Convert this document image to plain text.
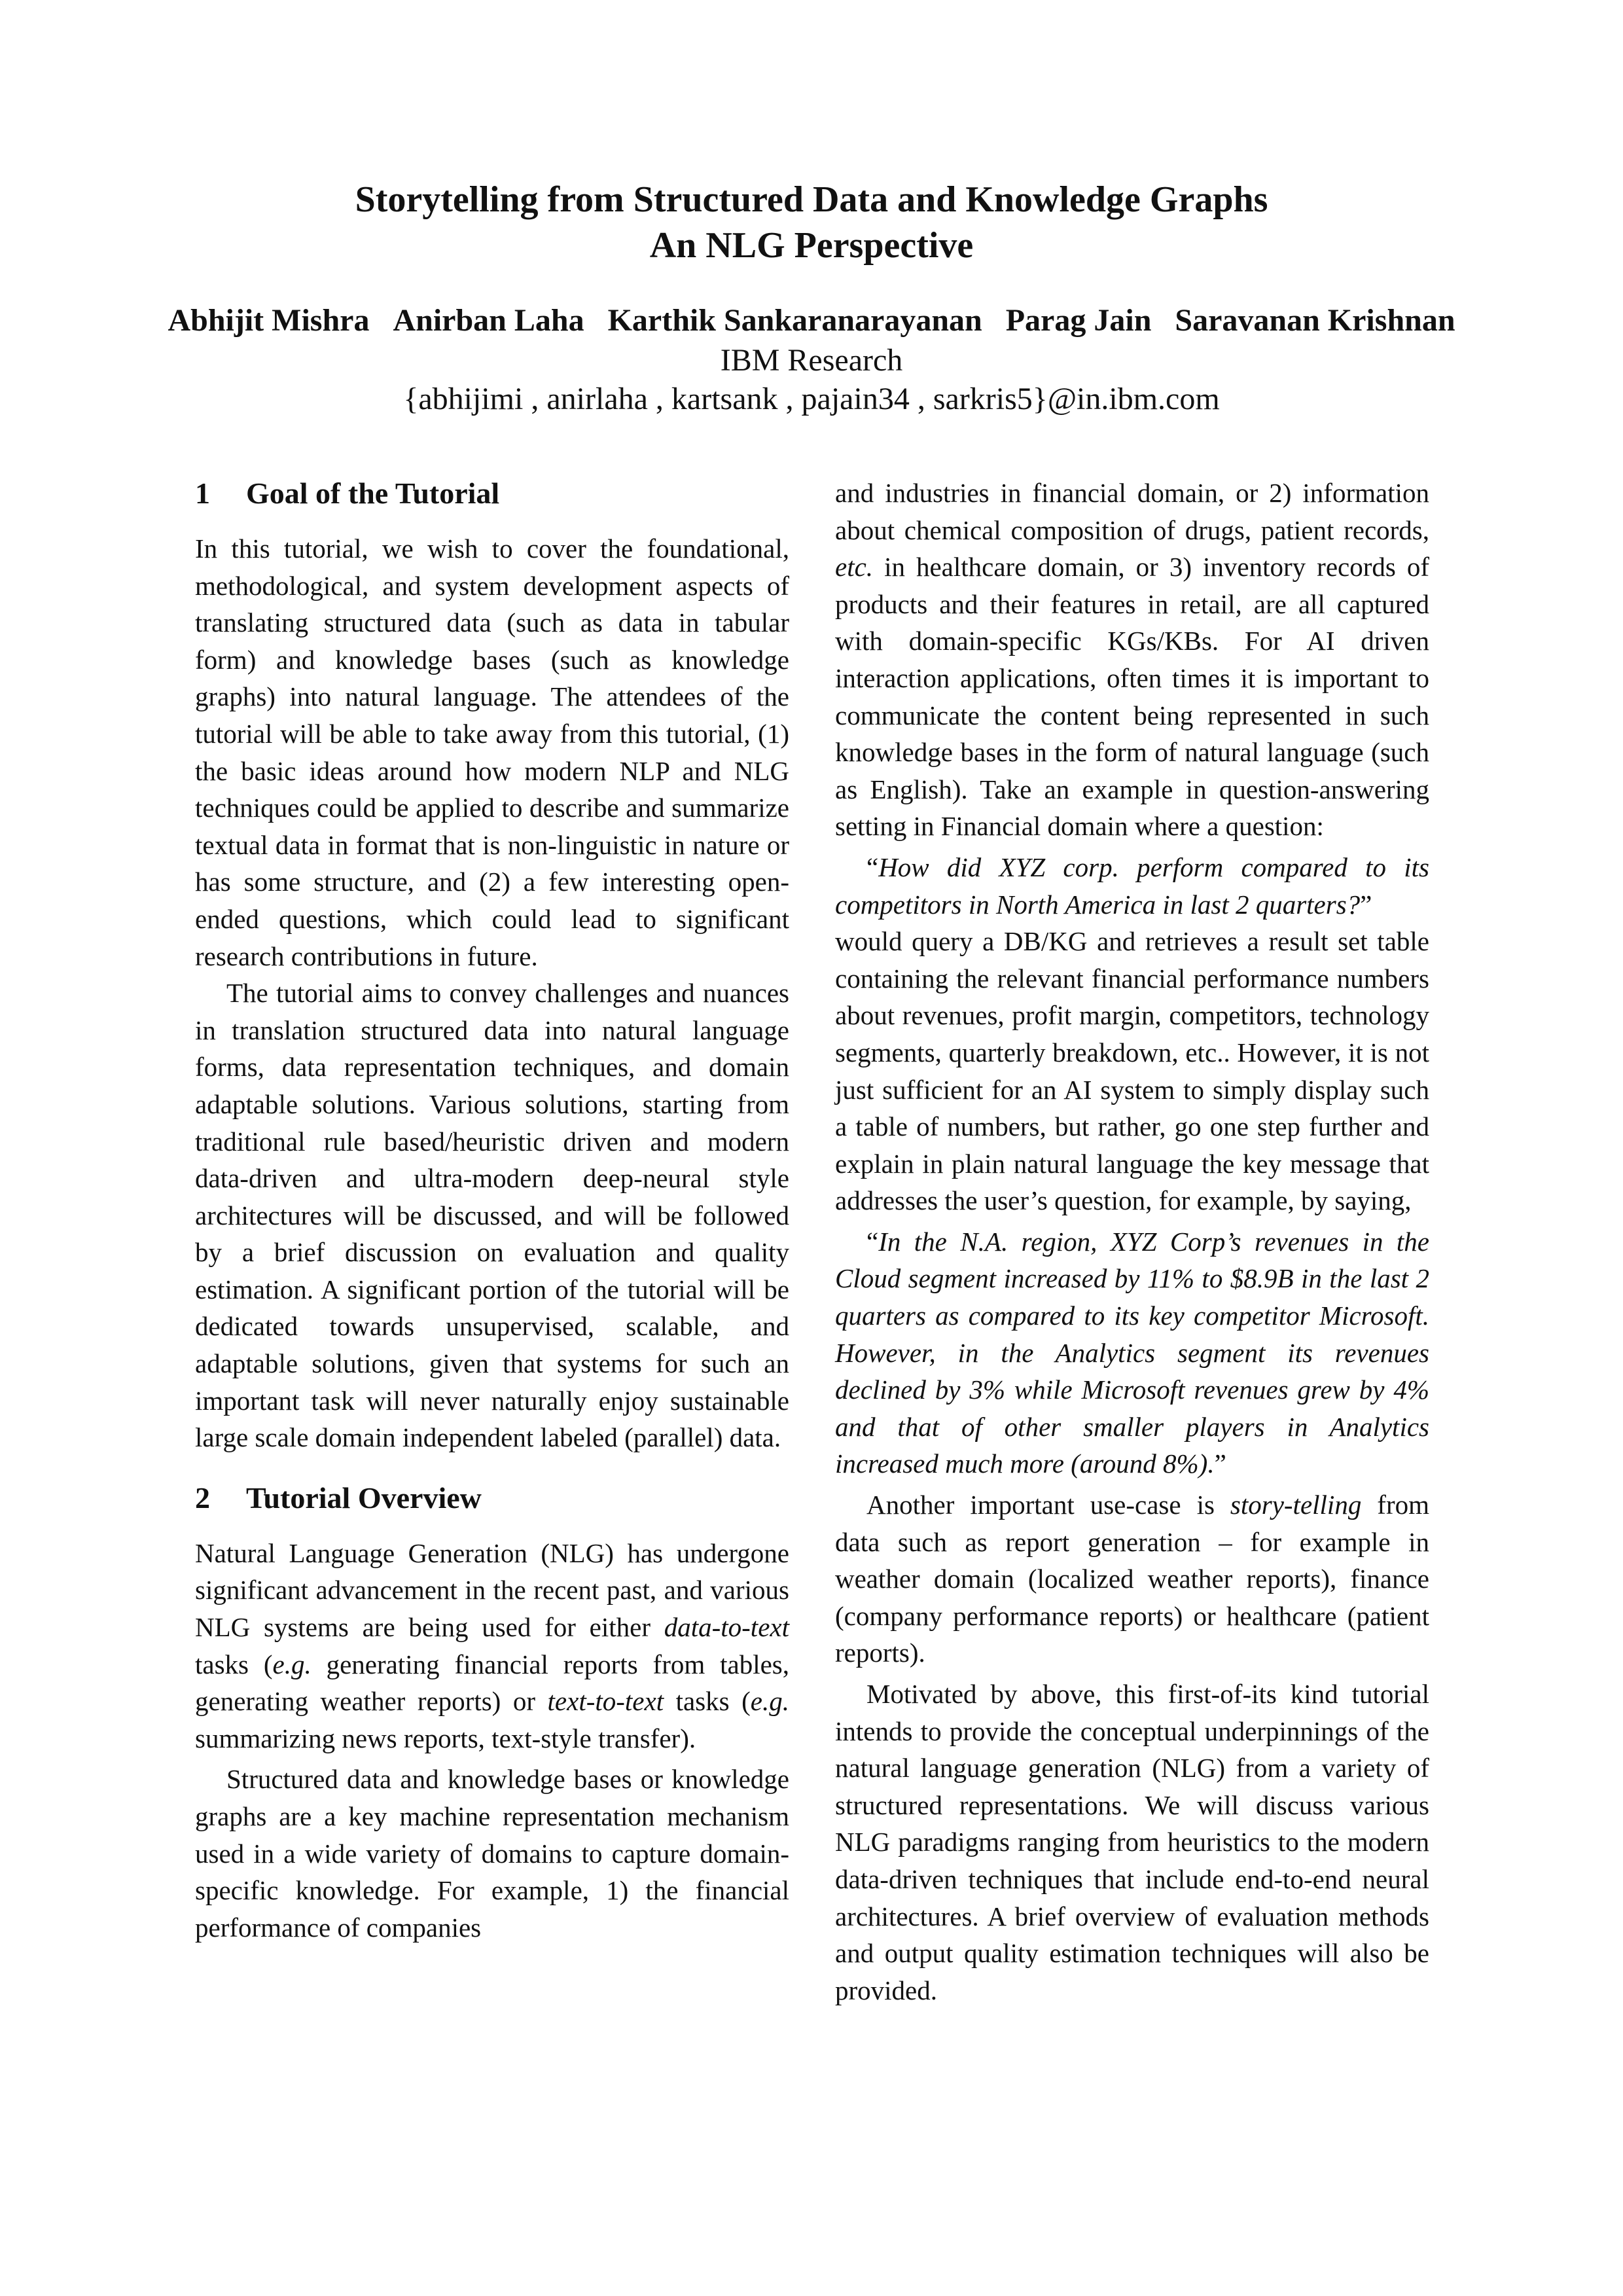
Storytelling from Structured Data and Knowledge Graphs
An NLG Perspective
Abhijit Mishra Anirban Laha Karthik Sankaranarayanan Parag Jain Saravanan Krishnan
IBM Research
{abhijimi , anirlaha , kartsank , pajain34 , sarkris5}@in.ibm.com
1 Goal of the Tutorial

In this tutorial, we wish to cover the foundational, methodological, and system development aspects of translating structured data (such as data in tabular form) and knowledge bases (such as knowledge graphs) into natural language. The attendees of the tutorial will be able to take away from this tutorial, (1) the basic ideas around how modern NLP and NLG techniques could be applied to describe and summarize textual data in format that is non-linguistic in nature or has some structure, and (2) a few interesting open-ended questions, which could lead to significant research contributions in future.

The tutorial aims to convey challenges and nuances in translation structured data into natural language forms, data representation techniques, and domain adaptable solutions. Various solutions, starting from traditional rule based/heuristic driven and modern data-driven and ultra-modern deep-neural style architectures will be discussed, and will be followed by a brief discussion on evaluation and quality estimation. A significant portion of the tutorial will be dedicated towards unsupervised, scalable, and adaptable solutions, given that systems for such an important task will never naturally enjoy sustainable large scale domain independent labeled (parallel) data.

2 Tutorial Overview

Natural Language Generation (NLG) has undergone significant advancement in the recent past, and various NLG systems are being used for either data-to-text tasks (e.g. generating financial reports from tables, generating weather reports) or text-to-text tasks (e.g. summarizing news reports, text-style transfer).

Structured data and knowledge bases or knowledge graphs are a key machine representation mechanism used in a wide variety of domains to capture domain-specific knowledge. For example, 1) the financial performance of companies

and industries in financial domain, or 2) information about chemical composition of drugs, patient records, etc. in healthcare domain, or 3) inventory records of products and their features in retail, are all captured with domain-specific KGs/KBs. For AI driven interaction applications, often times it is important to communicate the content being represented in such knowledge bases in the form of natural language (such as English). Take an example in question-answering setting in Financial domain where a question:

“How did XYZ corp. perform compared to its competitors in North America in last 2 quarters?”

would query a DB/KG and retrieves a result set table containing the relevant financial performance numbers about revenues, profit margin, competitors, technology segments, quarterly breakdown, etc.. However, it is not just sufficient for an AI system to simply display such a table of numbers, but rather, go one step further and explain in plain natural language the key message that addresses the user’s question, for example, by saying,

“In the N.A. region, XYZ Corp’s revenues in the Cloud segment increased by 11% to $8.9B in the last 2 quarters as compared to its key competitor Microsoft. However, in the Analytics segment its revenues declined by 3% while Microsoft revenues grew by 4% and that of other smaller players in Analytics increased much more (around 8%).”

Another important use-case is story-telling from data such as report generation – for example in weather domain (localized weather reports), finance (company performance reports) or healthcare (patient reports).

Motivated by above, this first-of-its kind tutorial intends to provide the conceptual underpinnings of the natural language generation (NLG) from a variety of structured representations. We will discuss various NLG paradigms ranging from heuristics to the modern data-driven techniques that include end-to-end neural architectures. A brief overview of evaluation methods and output quality estimation techniques will also be provided.
